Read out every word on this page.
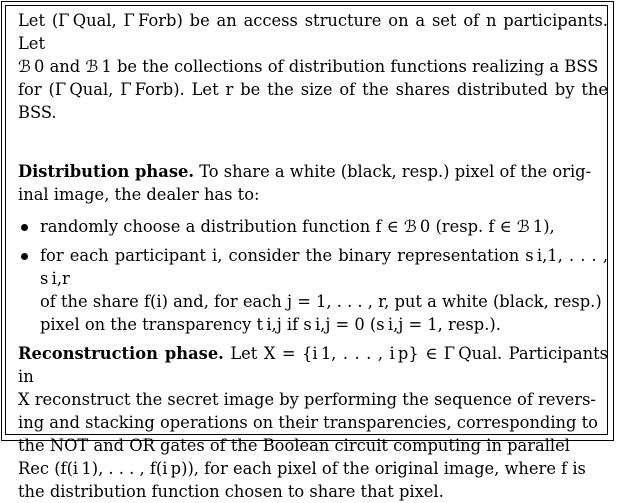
Let (Γ Qual, Γ Forb) be an access structure on a set of n participants. Let

ℬ 0 and ℬ 1 be the collections of distribution functions realizing a BSS

for (Γ Qual, Γ Forb). Let r be the size of the shares distributed by the BSS.

Distribution phase. To share a white (black, resp.) pixel of the orig-

inal image, the dealer has to:

randomly choose a distribution function f ∈ ℬ 0 (resp. f ∈ ℬ 1),

for each participant i, consider the binary representation s i,1, . . . , s i,r

of the share f(i) and, for each j = 1, . . . , r, put a white (black, resp.)

pixel on the transparency t i,j if s i,j = 0 (s i,j = 1, resp.).

Reconstruction phase. Let X = {i 1, . . . , i p} ∈ Γ Qual. Participants in

X reconstruct the secret image by performing the sequence of revers-

ing and stacking operations on their transparencies, corresponding to

the NOT and OR gates of the Boolean circuit computing in parallel

Rec (f(i 1), . . . , f(i p)), for each pixel of the original image, where f is

the distribution function chosen to share that pixel.
